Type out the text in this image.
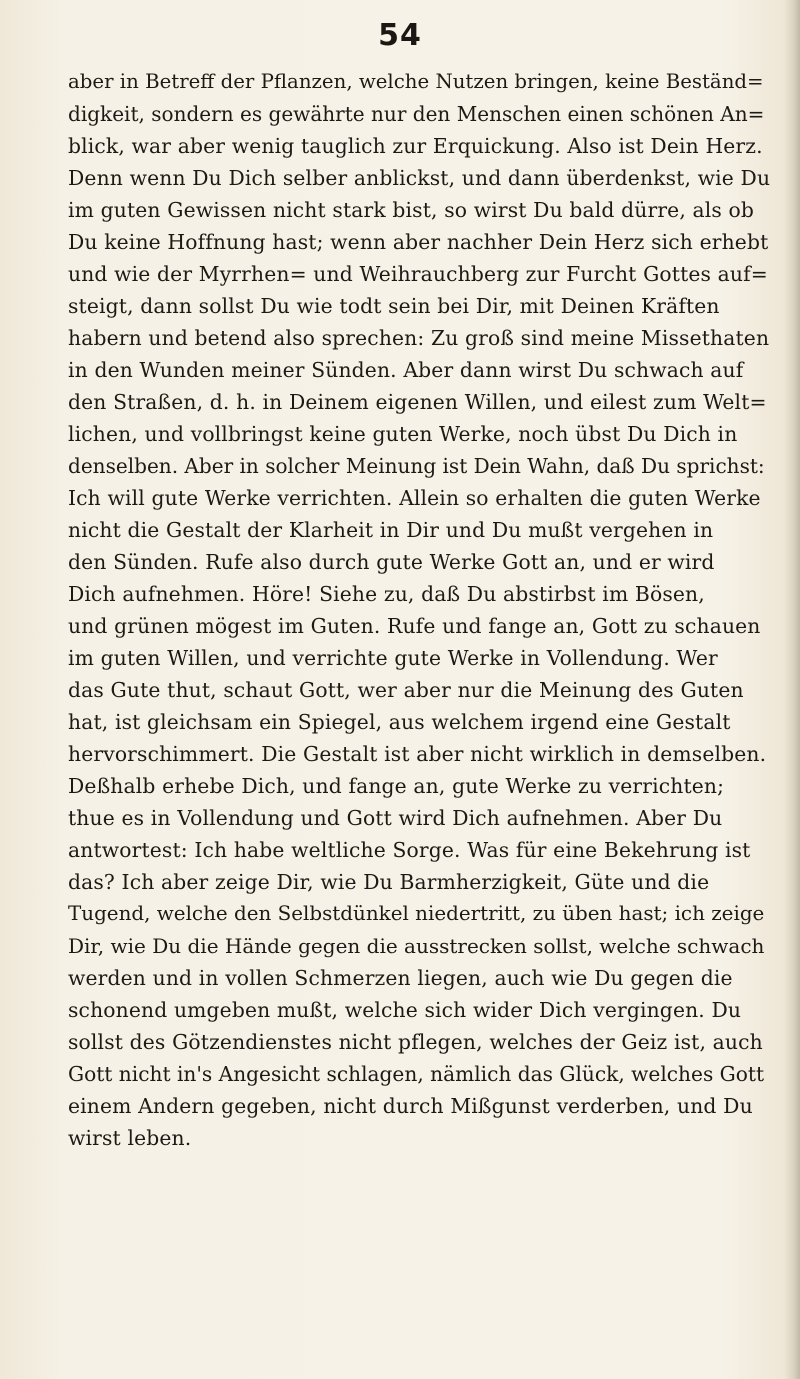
54
aber in Betreff der Pflanzen, welche Nutzen bringen, keine Beständ=
digkeit, sondern es gewährte nur den Menschen einen schönen An=
blick, war aber wenig tauglich zur Erquickung. Also ist Dein Herz.
Denn wenn Du Dich selber anblickst, und dann überdenkst, wie Du
im guten Gewissen nicht stark bist, so wirst Du bald dürre, als ob
Du keine Hoffnung hast; wenn aber nachher Dein Herz sich erhebt
und wie der Myrrhen= und Weihrauchberg zur Furcht Gottes auf=
steigt, dann sollst Du wie todt sein bei Dir, mit Deinen Kräften
habern und betend also sprechen: Zu groß sind meine Missethaten
in den Wunden meiner Sünden. Aber dann wirst Du schwach auf
den Straßen, d. h. in Deinem eigenen Willen, und eilest zum Welt=
lichen, und vollbringst keine guten Werke, noch übst Du Dich in
denselben. Aber in solcher Meinung ist Dein Wahn, daß Du sprichst:
Ich will gute Werke verrichten. Allein so erhalten die guten Werke
nicht die Gestalt der Klarheit in Dir und Du mußt vergehen in
den Sünden. Rufe also durch gute Werke Gott an, und er wird
Dich aufnehmen. Höre! Siehe zu, daß Du abstirbst im Bösen,
und grünen mögest im Guten. Rufe und fange an, Gott zu schauen
im guten Willen, und verrichte gute Werke in Vollendung. Wer
das Gute thut, schaut Gott, wer aber nur die Meinung des Guten
hat, ist gleichsam ein Spiegel, aus welchem irgend eine Gestalt
hervorschimmert. Die Gestalt ist aber nicht wirklich in demselben.
Deßhalb erhebe Dich, und fange an, gute Werke zu verrichten;
thue es in Vollendung und Gott wird Dich aufnehmen. Aber Du
antwortest: Ich habe weltliche Sorge. Was für eine Bekehrung ist
das? Ich aber zeige Dir, wie Du Barmherzigkeit, Güte und die
Tugend, welche den Selbstdünkel niedertritt, zu üben hast; ich zeige
Dir, wie Du die Hände gegen die ausstrecken sollst, welche schwach
werden und in vollen Schmerzen liegen, auch wie Du gegen die
schonend umgeben mußt, welche sich wider Dich vergingen. Du
sollst des Götzendienstes nicht pflegen, welches der Geiz ist, auch
Gott nicht in's Angesicht schlagen, nämlich das Glück, welches Gott
einem Andern gegeben, nicht durch Mißgunst verderben, und Du
wirst leben.
